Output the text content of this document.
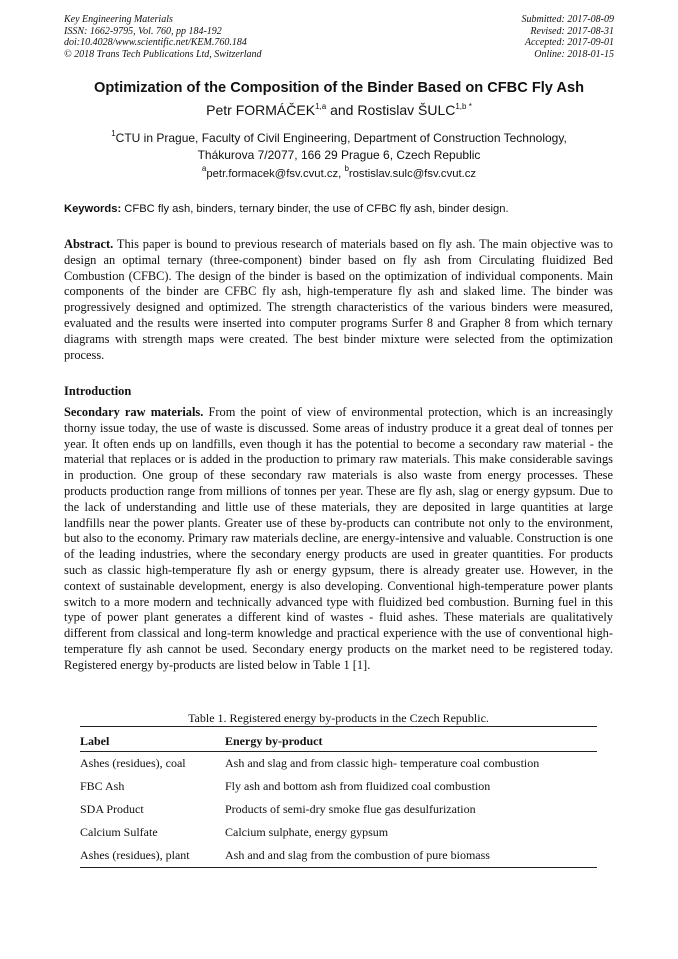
Key Engineering Materials
ISSN: 1662-9795, Vol. 760, pp 184-192
doi:10.4028/www.scientific.net/KEM.760.184
© 2018 Trans Tech Publications Ltd, Switzerland
Submitted: 2017-08-09
Revised: 2017-08-31
Accepted: 2017-09-01
Online: 2018-01-15
Optimization of the Composition of the Binder Based on CFBC Fly Ash
Petr FORMÁČEK$^{1,a}$ and Rostislav $ŠULC^{1,b *}$
$^1$CTU in Prague, Faculty of Civil Engineering, Department of Construction Technology,
Thákurova 7/2077, 166 29 Prague 6, Czech Republic
$^a$petr.formacek@fsv.cvut.cz, $^b$rostislav.sulc@fsv.cvut.cz
Keywords: CFBC fly ash, binders, ternary binder, the use of CFBC fly ash, binder design.
Abstract. This paper is bound to previous research of materials based on fly ash. The main objective was to design an optimal ternary (three-component) binder based on fly ash from Circulating fluidized Bed Combustion (CFBC). The design of the binder is based on the optimization of individual components. Main components of the binder are CFBC fly ash, high-temperature fly ash and slaked lime. The binder was progressively designed and optimized. The strength characteristics of the various binders were measured, evaluated and the results were inserted into computer programs Surfer 8 and Grapher 8 from which ternary diagrams with strength maps were created. The best binder mixture were selected from the optimization process.
Introduction
Secondary raw materials. From the point of view of environmental protection, which is an increasingly thorny issue today, the use of waste is discussed. Some areas of industry produce it a great deal of tonnes per year. It often ends up on landfills, even though it has the potential to become a secondary raw material - the material that replaces or is added in the production to primary raw materials. This make considerable savings in production. One group of these secondary raw materials is also waste from energy processes. These products production range from millions of tonnes per year. These are fly ash, slag or energy gypsum. Due to the lack of understanding and little use of these materials, they are deposited in large quantities at large landfills near the power plants. Greater use of these by-products can contribute not only to the environment, but also to the economy. Primary raw materials decline, are energy-intensive and valuable. Construction is one of the leading industries, where the secondary energy products are used in greater quantities. For products such as classic high-temperature fly ash or energy gypsum, there is already greater use. However, in the context of sustainable development, energy is also developing. Conventional high-temperature power plants switch to a more modern and technically advanced type with fluidized bed combustion. Burning fuel in this type of power plant generates a different kind of wastes - fluid ashes. These materials are qualitatively different from classical and long-term knowledge and practical experience with the use of conventional high-temperature fly ash cannot be used. Secondary energy products on the market need to be registered today. Registered energy by-products are listed below in Table 1 [1].
Table 1. Registered energy by-products in the Czech Republic.
Label	Energy by-product
Ashes (residues), coal	Ash and slag and from classic high- temperature coal combustion
FBC Ash	Fly ash and bottom ash from fluidized coal combustion
SDA Product	Products of semi-dry smoke flue gas desulfurization
Calcium Sulfate	Calcium sulphate, energy gypsum
Ashes (residues), plant	Ash and and slag from the combustion of pure biomass
